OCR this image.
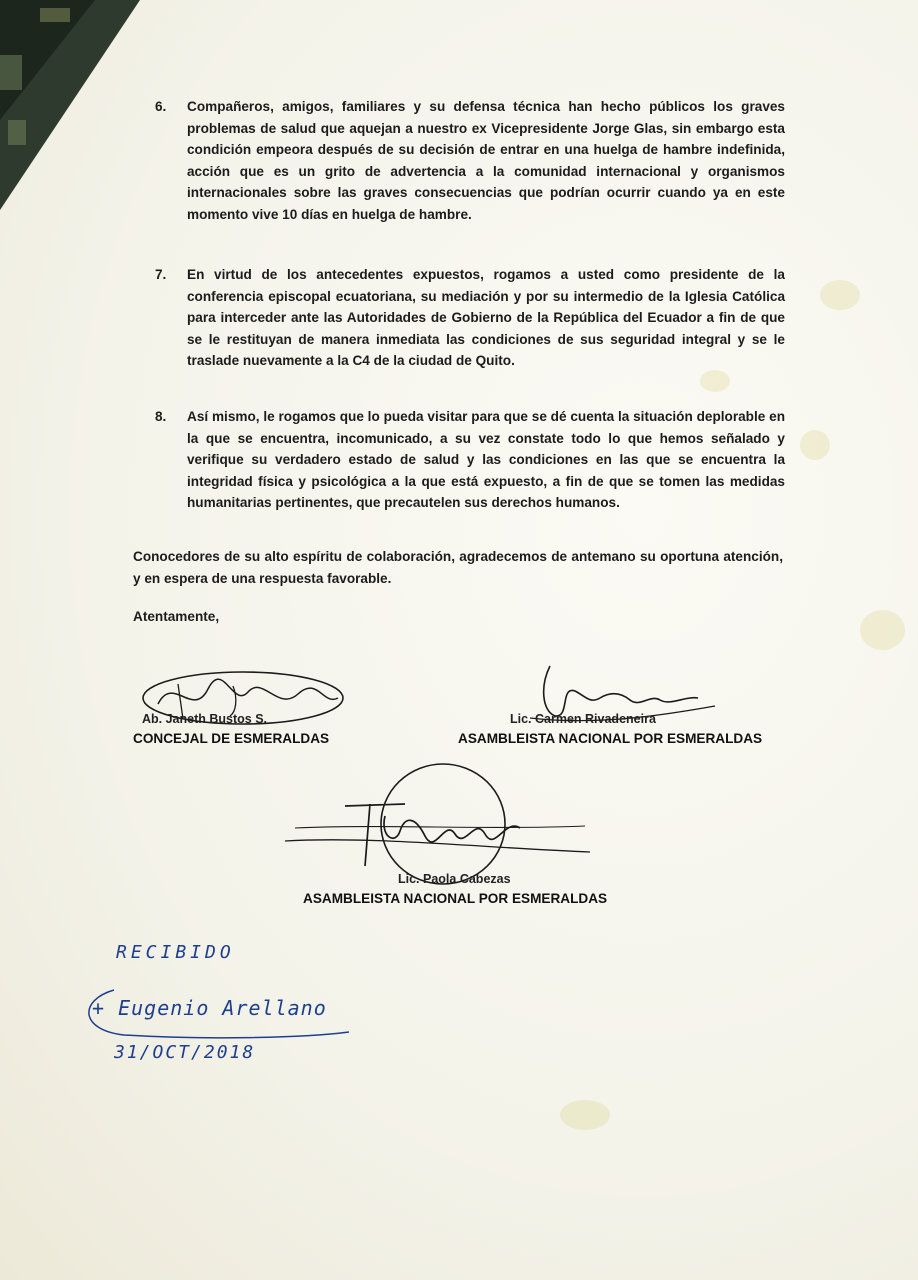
6.	Compañeros, amigos, familiares y su defensa técnica han hecho públicos los graves problemas de salud que aquejan a nuestro ex Vicepresidente Jorge Glas, sin embargo esta condición empeora después de su decisión de entrar en una huelga de hambre indefinida, acción que es un grito de advertencia a la comunidad internacional y organismos internacionales sobre las graves consecuencias que podrían ocurrir cuando ya en este momento vive 10 días en huelga de hambre.
7.	En virtud de los antecedentes expuestos, rogamos a usted como presidente de la conferencia episcopal ecuatoriana, su mediación y por su intermedio de la Iglesia Católica para interceder ante las Autoridades de Gobierno de la República del Ecuador a fin de que se le restituyan de manera inmediata las condiciones de sus seguridad integral y se le traslade nuevamente a la C4 de la ciudad de Quito.
8.	Así mismo, le rogamos que lo pueda visitar para que se dé cuenta la situación deplorable en la que se encuentra, incomunicado, a su vez constate todo lo que hemos señalado y verifique su verdadero estado de salud y las condiciones en las que se encuentra la integridad física y psicológica a la que está expuesto, a fin de que se tomen las medidas humanitarias pertinentes, que precautelen sus derechos humanos.
Conocedores de su alto espíritu de colaboración, agradecemos de antemano su oportuna atención, y en espera de una respuesta favorable.
Atentamente,
Ab. Janeth Bustos S.
CONCEJAL DE ESMERALDAS
Lic. Carmen Rivadeneira
ASAMBLEISTA NACIONAL POR ESMERALDAS
Lic. Paola Cabezas
ASAMBLEISTA NACIONAL POR ESMERALDAS
RECIBIDO
+ Eugenio Arellano
31/OCT/2018
